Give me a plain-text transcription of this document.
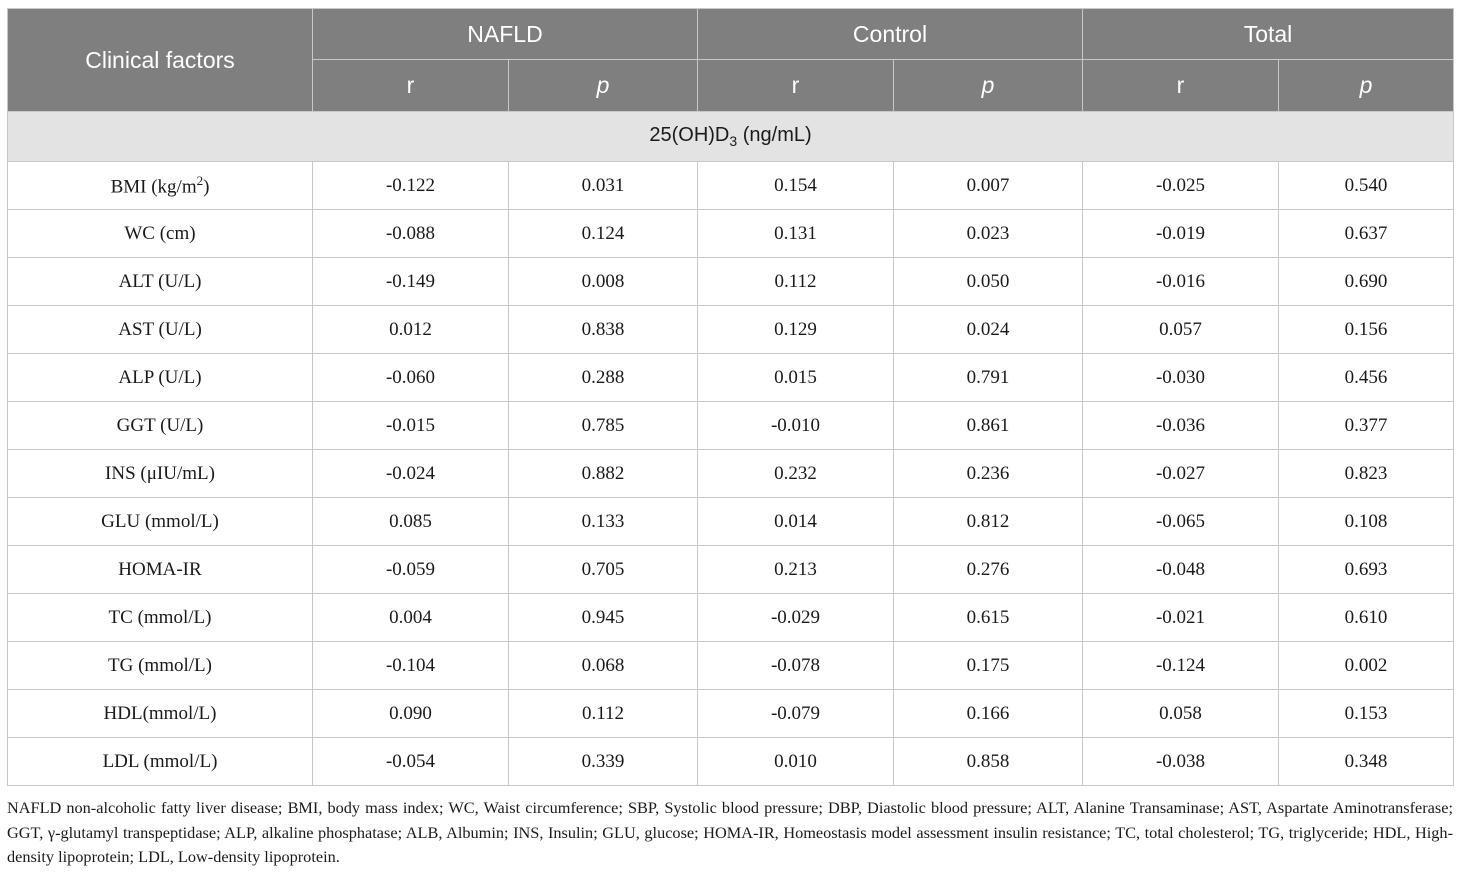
Clinical factors	NAFLD		Control		Total	
	r	p	r	p	r	p
$25(OH)D_3$ (ng/mL)						
BMI $(kg/m^2)$	-0.122	0.031	0.154	0.007	-0.025	0.540
WC (cm)	-0.088	0.124	0.131	0.023	-0.019	0.637
ALT (U/L)	-0.149	0.008	0.112	0.050	-0.016	0.690
AST (U/L)	0.012	0.838	0.129	0.024	0.057	0.156
ALP (U/L)	-0.060	0.288	0.015	0.791	-0.030	0.456
GGT (U/L)	-0.015	0.785	-0.010	0.861	-0.036	0.377
INS (μIU/mL)	-0.024	0.882	0.232	0.236	-0.027	0.823
GLU (mmol/L)	0.085	0.133	0.014	0.812	-0.065	0.108
HOMA-IR	-0.059	0.705	0.213	0.276	-0.048	0.693
TC (mmol/L)	0.004	0.945	-0.029	0.615	-0.021	0.610
TG (mmol/L)	-0.104	0.068	-0.078	0.175	-0.124	0.002
HDL(mmol/L)	0.090	0.112	-0.079	0.166	0.058	0.153
LDL (mmol/L)	-0.054	0.339	0.010	0.858	-0.038	0.348

NAFLD non-alcoholic fatty liver disease; BMI, body mass index; WC, Waist circumference; SBP, Systolic blood pressure; DBP, Diastolic blood pressure; ALT, Alanine Transaminase; AST, Aspartate Aminotransferase; GGT, γ-glutamyl transpeptidase; ALP, alkaline phosphatase; ALB, Albumin; INS, Insulin; GLU, glucose; HOMA-IR, Homeostasis model assessment insulin resistance; TC, total cholesterol; TG, triglyceride; HDL, High-density lipoprotein; LDL, Low-density lipoprotein.
